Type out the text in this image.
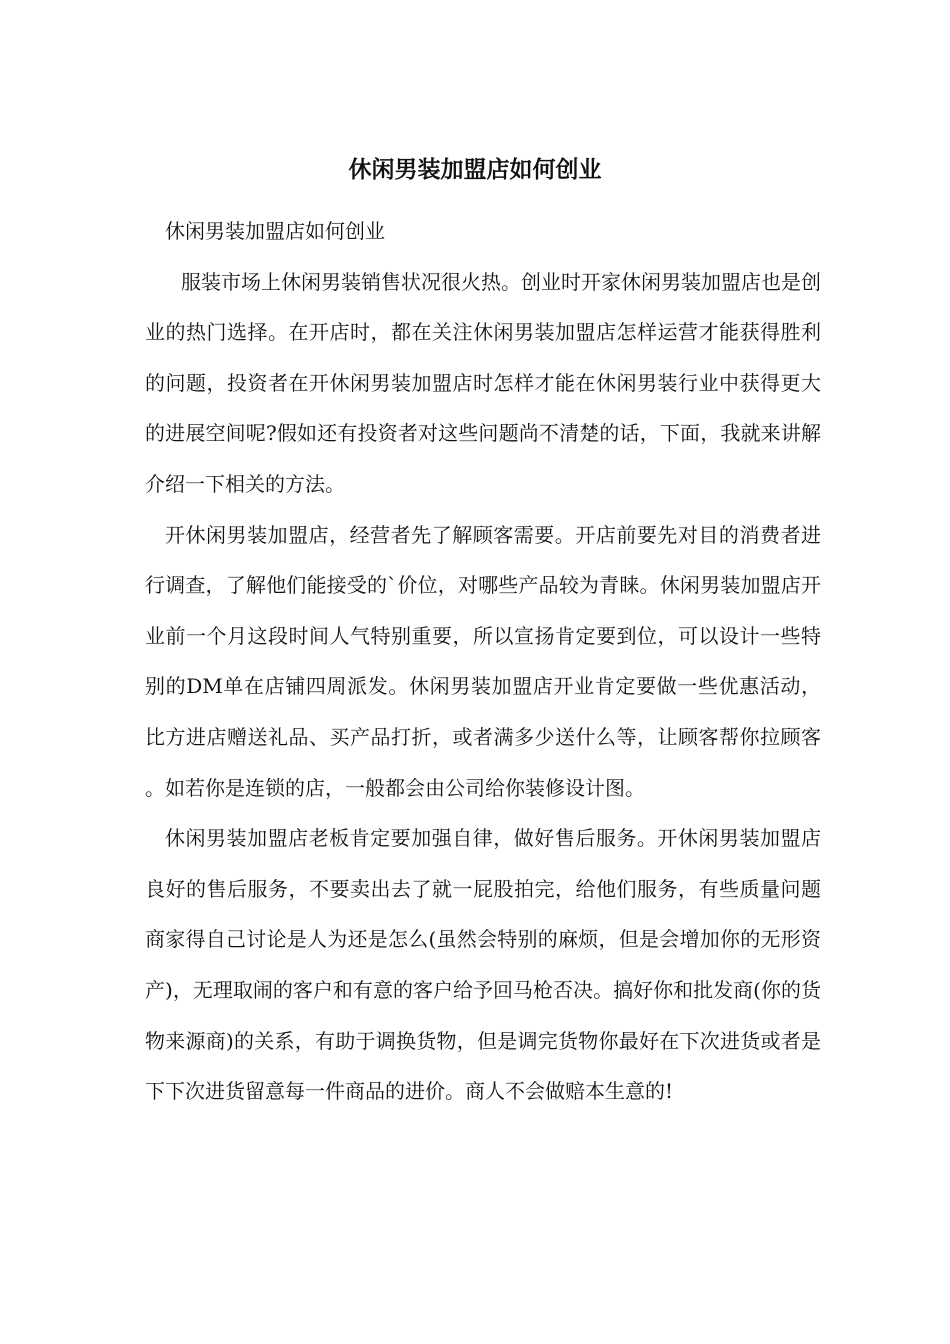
休闲男装加盟店如何创业

休闲男装加盟店如何创业

服装市场上休闲男装销售状况很火热。创业时开家休闲男装加盟店也是创业的热门选择。在开店时，都在关注休闲男装加盟店怎样运营才能获得胜利的问题，投资者在开休闲男装加盟店时怎样才能在休闲男装行业中获得更大的进展空间呢?假如还有投资者对这些问题尚不清楚的话，下面，我就来讲解介绍一下相关的方法。

开休闲男装加盟店，经营者先了解顾客需要。开店前要先对目的消费者进行调查，了解他们能接受的`价位，对哪些产品较为青睐。休闲男装加盟店开业前一个月这段时间人气特别重要，所以宣扬肯定要到位，可以设计一些特别的DM单在店铺四周派发。休闲男装加盟店开业肯定要做一些优惠活动，比方进店赠送礼品、买产品打折，或者满多少送什么等，让顾客帮你拉顾客。如若你是连锁的店，一般都会由公司给你装修设计图。

休闲男装加盟店老板肯定要加强自律，做好售后服务。开休闲男装加盟店良好的售后服务，不要卖出去了就一屁股拍完，给他们服务，有些质量问题商家得自己讨论是人为还是怎么(虽然会特别的麻烦，但是会增加你的无形资产)，无理取闹的客户和有意的客户给予回马枪否决。搞好你和批发商(你的货物来源商)的关系，有助于调换货物，但是调完货物你最好在下次进货或者是下下次进货留意每一件商品的进价。商人不会做赔本生意的!
